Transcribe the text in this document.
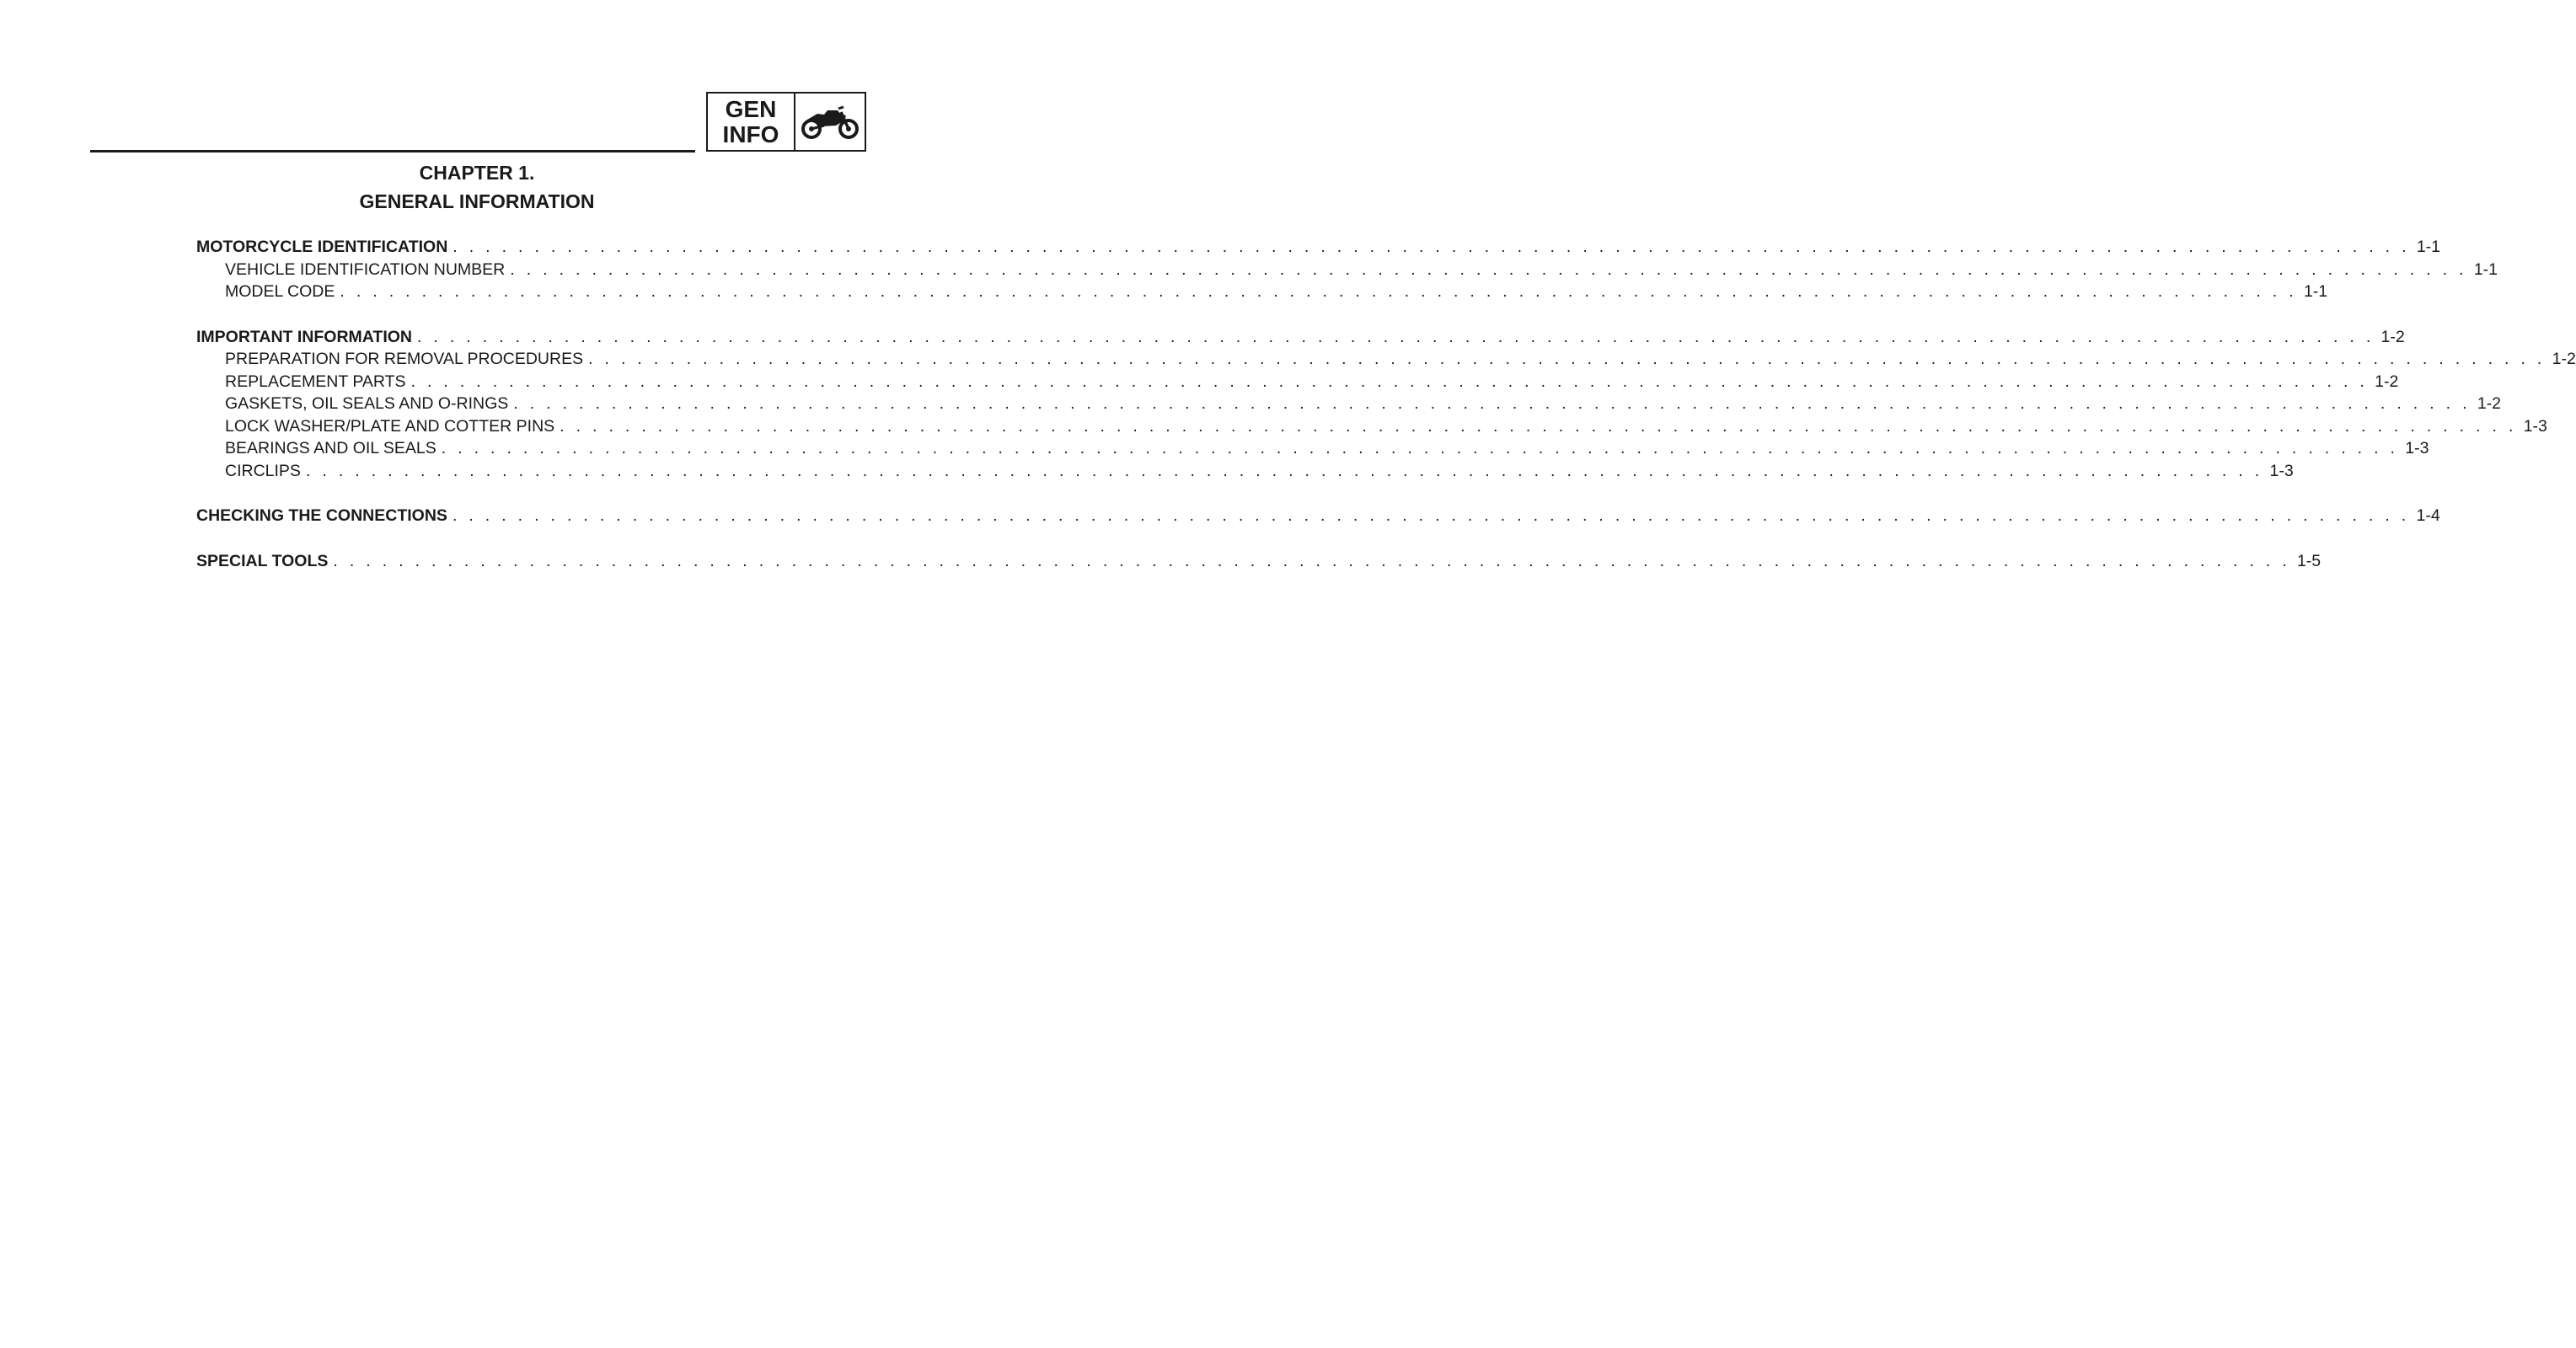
GEN
INFO
CHAPTER 1.
GENERAL INFORMATION
MOTORCYCLE IDENTIFICATION . . . . . . . . . . . . . . . . . . . . . . . . . . . . . . . . . . . . . . . . . . . . . . . . . . . . . . . . . . . . . . . . . . . . . . . . . . . . . . . . . . . . . . . . . . . . . . . . . . . . . . . . . . . . . . . . . . . . . . . . 1-1
VEHICLE IDENTIFICATION NUMBER . . . . . . . . . . . . . . . . . . . . . . . . . . . . . . . . . . . . . . . . . . . . . . . . . . . . . . . . . . . . . . . . . . . . . . . . . . . . . . . . . . . . . . . . . . . . . . . . . . . . . . . . . . . . . . . . . . . . . . . . 1-1
MODEL CODE . . . . . . . . . . . . . . . . . . . . . . . . . . . . . . . . . . . . . . . . . . . . . . . . . . . . . . . . . . . . . . . . . . . . . . . . . . . . . . . . . . . . . . . . . . . . . . . . . . . . . . . . . . . . . . . . . . . . . . . . 1-1
IMPORTANT INFORMATION . . . . . . . . . . . . . . . . . . . . . . . . . . . . . . . . . . . . . . . . . . . . . . . . . . . . . . . . . . . . . . . . . . . . . . . . . . . . . . . . . . . . . . . . . . . . . . . . . . . . . . . . . . . . . . . . . . . . . . . . 1-2
PREPARATION FOR REMOVAL PROCEDURES . . . . . . . . . . . . . . . . . . . . . . . . . . . . . . . . . . . . . . . . . . . . . . . . . . . . . . . . . . . . . . . . . . . . . . . . . . . . . . . . . . . . . . . . . . . . . . . . . . . . . . . . . . . . . . . . . . . . . . . . 1-2
REPLACEMENT PARTS . . . . . . . . . . . . . . . . . . . . . . . . . . . . . . . . . . . . . . . . . . . . . . . . . . . . . . . . . . . . . . . . . . . . . . . . . . . . . . . . . . . . . . . . . . . . . . . . . . . . . . . . . . . . . . . . . . . . . . . . 1-2
GASKETS, OIL SEALS AND O-RINGS . . . . . . . . . . . . . . . . . . . . . . . . . . . . . . . . . . . . . . . . . . . . . . . . . . . . . . . . . . . . . . . . . . . . . . . . . . . . . . . . . . . . . . . . . . . . . . . . . . . . . . . . . . . . . . . . . . . . . . . . 1-2
LOCK WASHER/PLATE AND COTTER PINS . . . . . . . . . . . . . . . . . . . . . . . . . . . . . . . . . . . . . . . . . . . . . . . . . . . . . . . . . . . . . . . . . . . . . . . . . . . . . . . . . . . . . . . . . . . . . . . . . . . . . . . . . . . . . . . . . . . . . . . . 1-3
BEARINGS AND OIL SEALS . . . . . . . . . . . . . . . . . . . . . . . . . . . . . . . . . . . . . . . . . . . . . . . . . . . . . . . . . . . . . . . . . . . . . . . . . . . . . . . . . . . . . . . . . . . . . . . . . . . . . . . . . . . . . . . . . . . . . . . . 1-3
CIRCLIPS . . . . . . . . . . . . . . . . . . . . . . . . . . . . . . . . . . . . . . . . . . . . . . . . . . . . . . . . . . . . . . . . . . . . . . . . . . . . . . . . . . . . . . . . . . . . . . . . . . . . . . . . . . . . . . . . . . . . . . . . 1-3
CHECKING THE CONNECTIONS . . . . . . . . . . . . . . . . . . . . . . . . . . . . . . . . . . . . . . . . . . . . . . . . . . . . . . . . . . . . . . . . . . . . . . . . . . . . . . . . . . . . . . . . . . . . . . . . . . . . . . . . . . . . . . . . . . . . . . . . 1-4
SPECIAL TOOLS . . . . . . . . . . . . . . . . . . . . . . . . . . . . . . . . . . . . . . . . . . . . . . . . . . . . . . . . . . . . . . . . . . . . . . . . . . . . . . . . . . . . . . . . . . . . . . . . . . . . . . . . . . . . . . . . . . . . . . . . 1-5
